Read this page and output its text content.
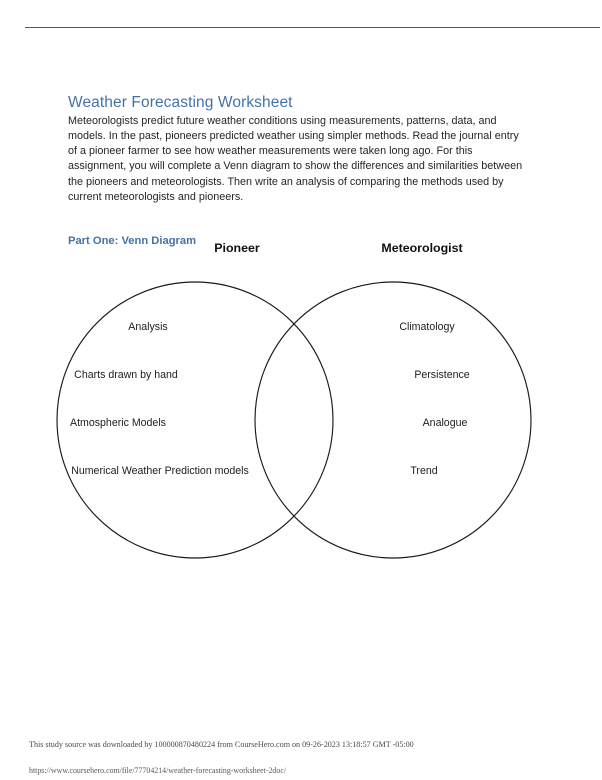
Weather Forecasting Worksheet

Meteorologists predict future weather conditions using measurements, patterns, data, and models. In the past, pioneers predicted weather using simpler methods. Read the journal entry of a pioneer farmer to see how weather measurements were taken long ago. For this assignment, you will complete a Venn diagram to show the differences and similarities between the pioneers and meteorologists. Then write an analysis of comparing the methods used by current meteorologists and pioneers.

Part One: Venn Diagram Pioneer	Meteorologist
Analysis
Charts drawn by hand
Atmospheric Models
Numerical Weather Prediction models
Climatology
Persistence
Analogue
Trend
This study source was downloaded by 100000870480224 from CourseHero.com on 09-26-2023 13:18:57 GMT -05:00
https://www.coursehero.com/file/77704214/weather-forecasting-worksheet-2doc/
